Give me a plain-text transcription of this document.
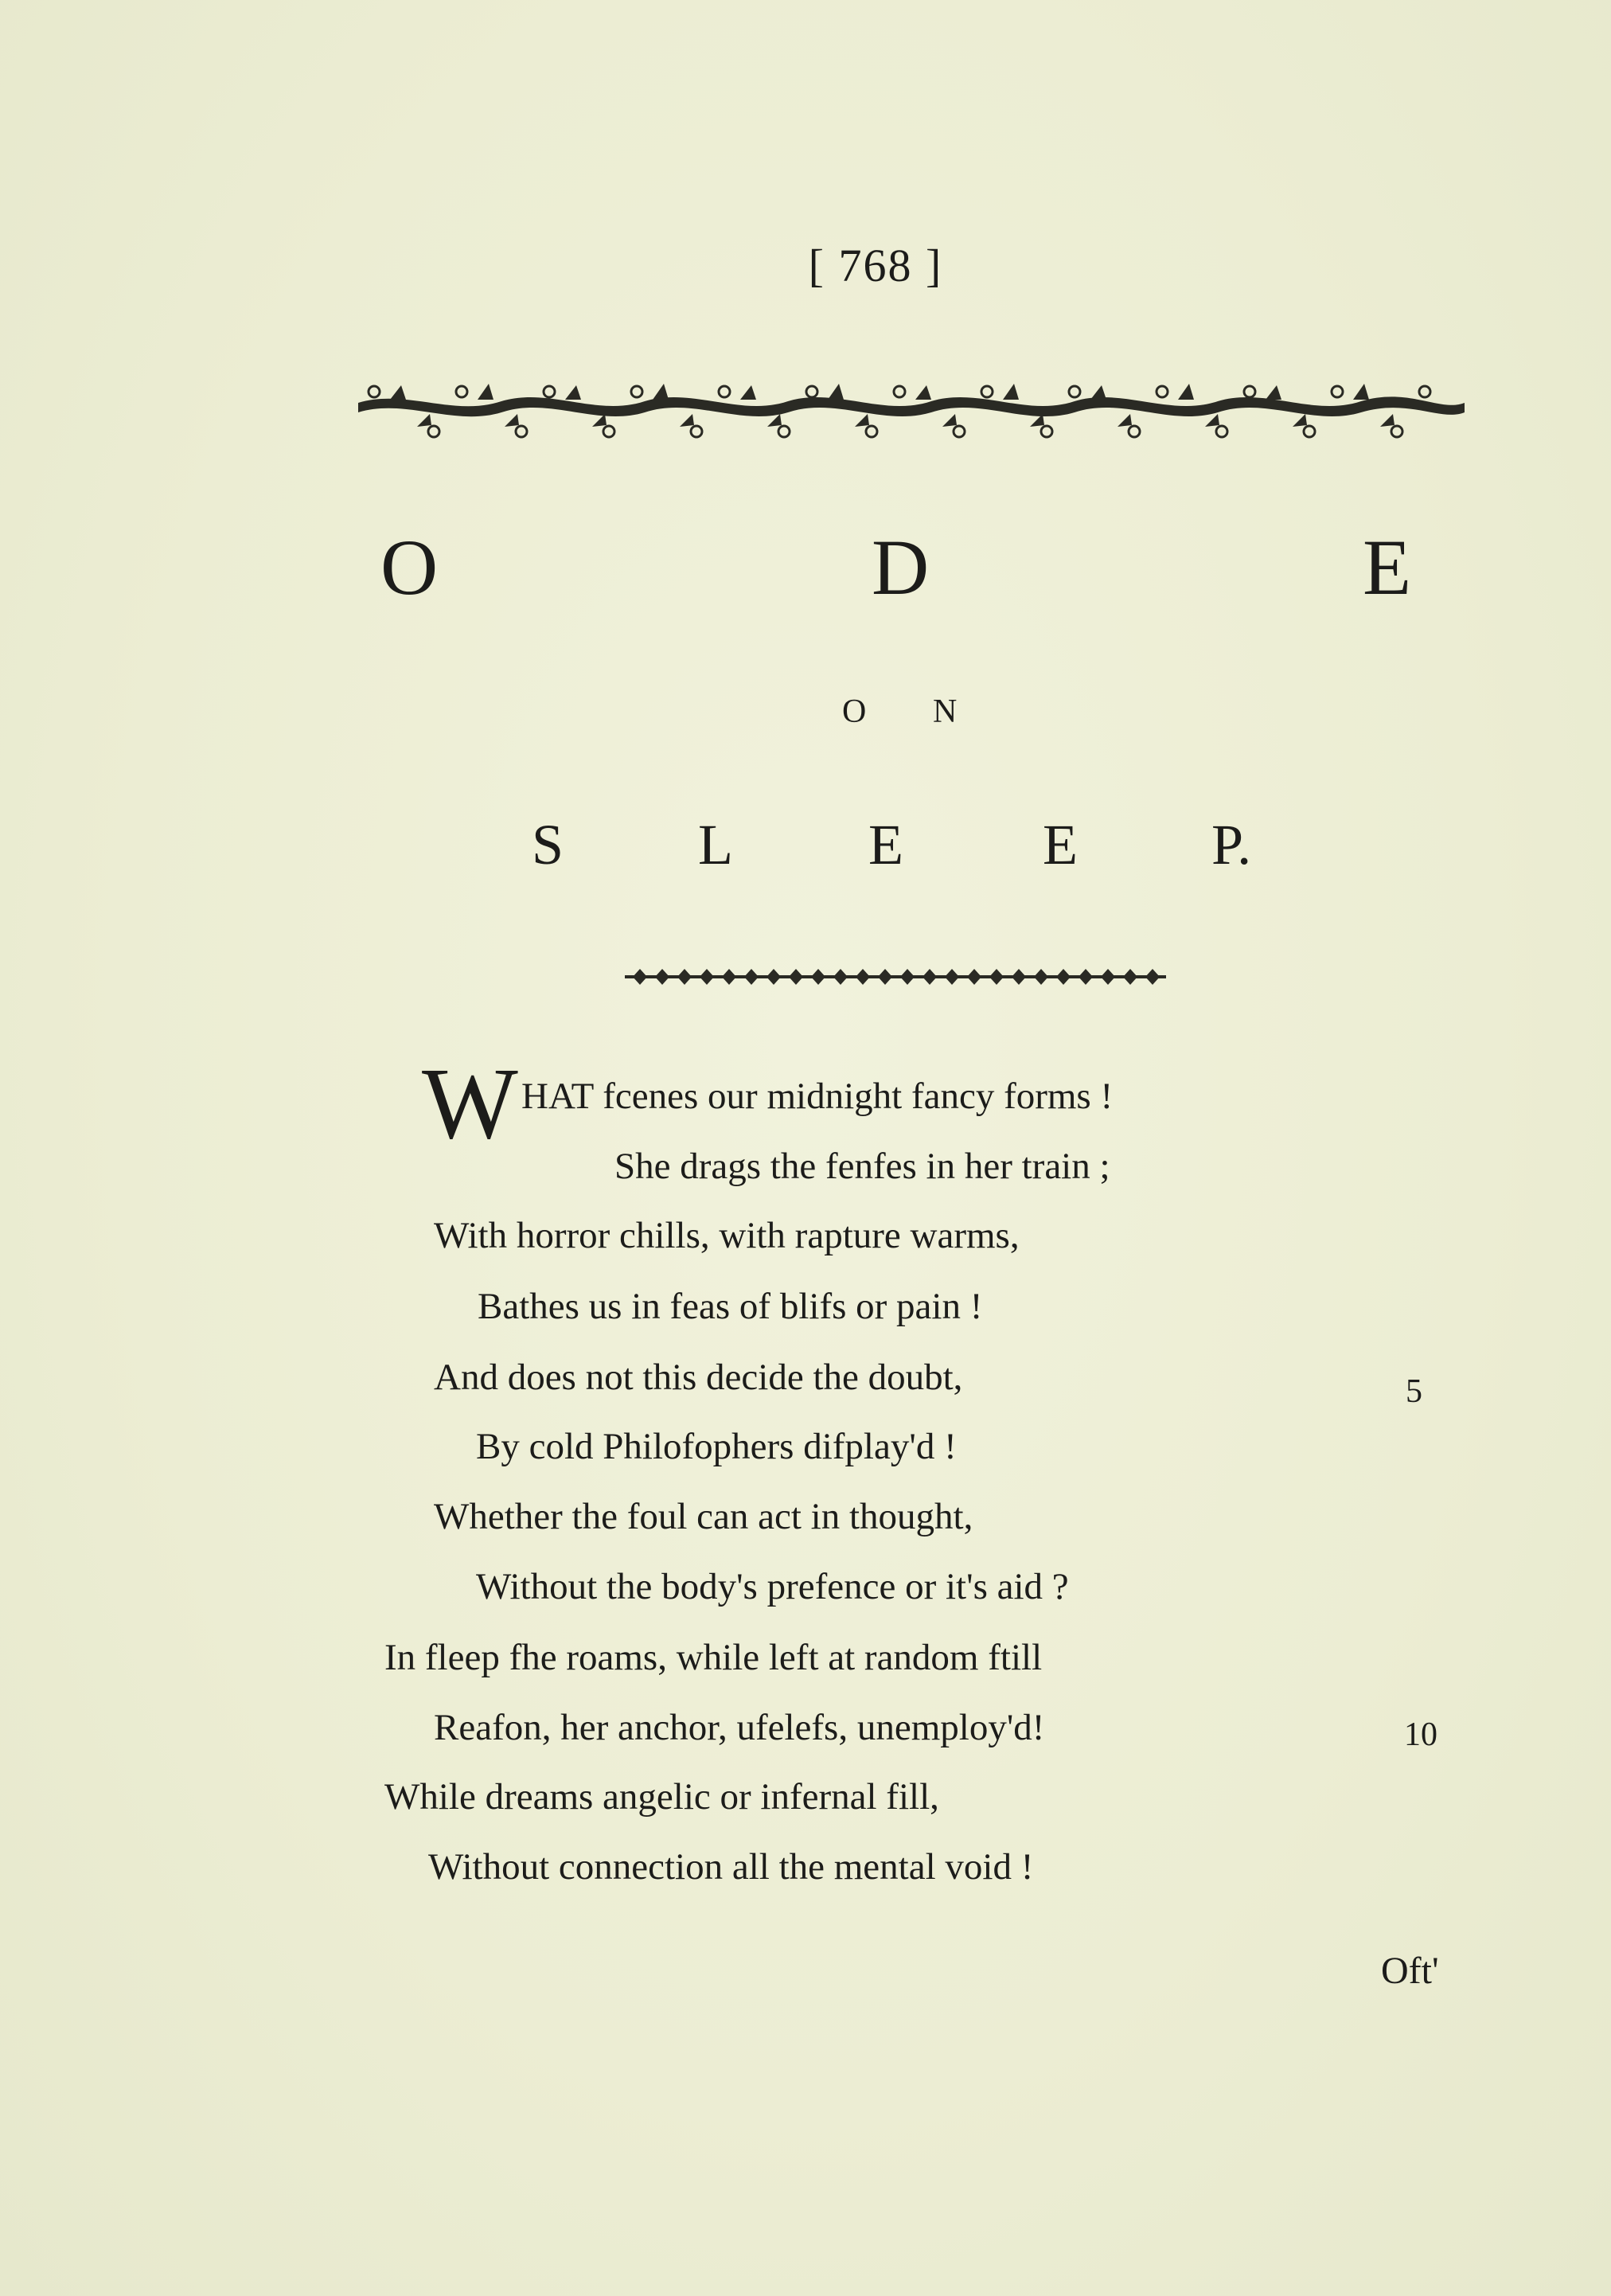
[ 768 ]
O	D	E
O N
S L E E P.
W HAT fcenes our midnight fancy forms !
She drags the fenfes in her train ;
With horror chills, with rapture warms,
Bathes us in feas of blifs or pain !
And does not this decide the doubt,
By cold Philofophers difplay'd !
Whether the foul can act in thought,
Without the body's prefence or it's aid ?
In fleep fhe roams, while left at random ftill
Reafon, her anchor, ufelefs, unemploy'd!
While dreams angelic or infernal fill,
Without connection all the mental void !
5
10
Oft'
